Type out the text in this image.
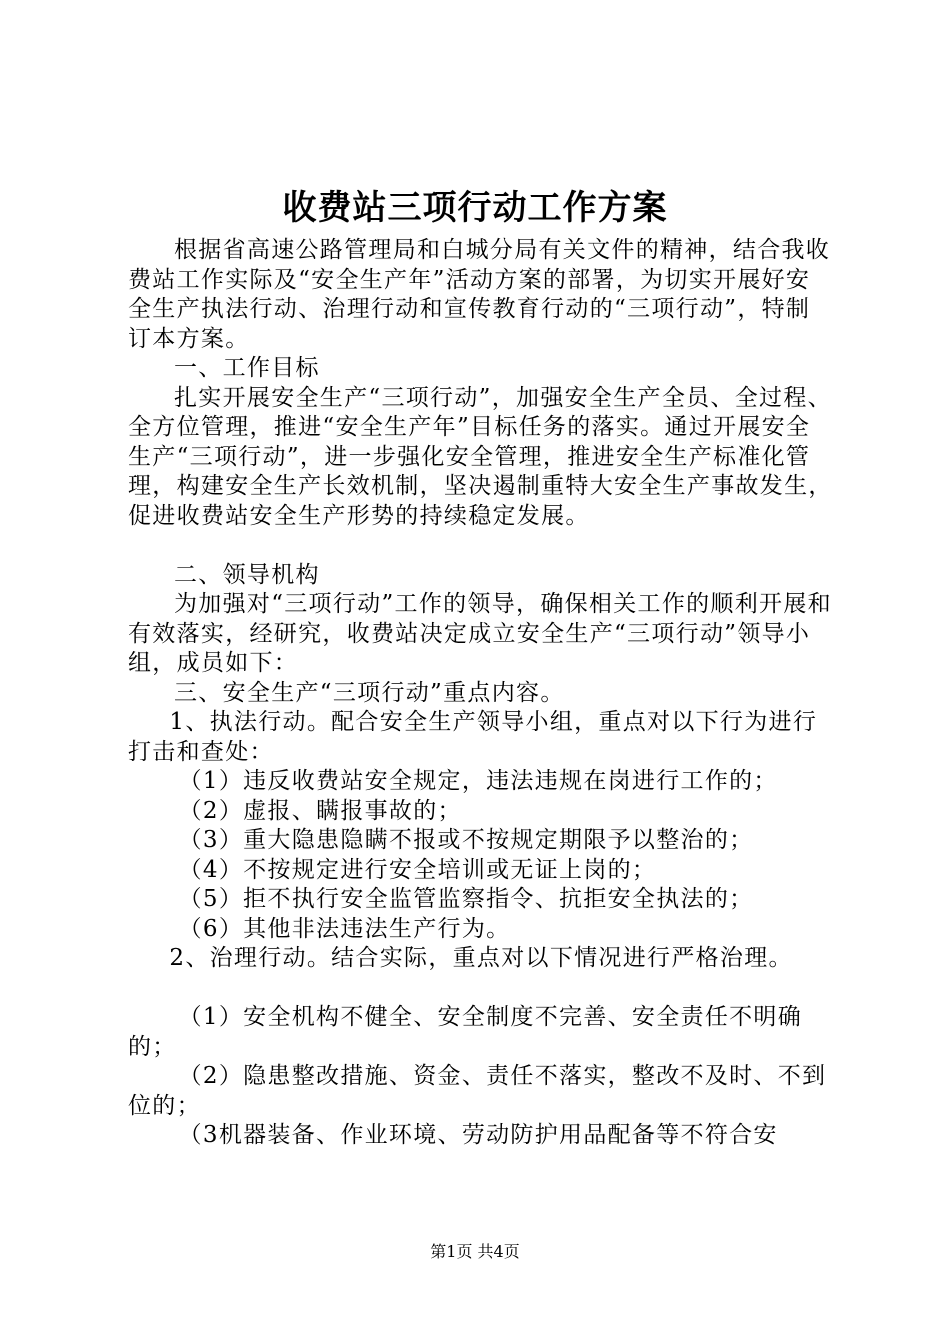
收费站三项行动工作方案

根据省高速公路管理局和白城分局有关文件的精神，结合我收费站工作实际及“安全生产年”活动方案的部署，为切实开展好安全生产执法行动、治理行动和宣传教育行动的“三项行动”，特制订本方案。

一、工作目标

扎实开展安全生产“三项行动”，加强安全生产全员、全过程、全方位管理，推进“安全生产年”目标任务的落实。通过开展安全生产“三项行动”，进一步强化安全管理，推进安全生产标准化管理，构建安全生产长效机制，坚决遏制重特大安全生产事故发生，促进收费站安全生产形势的持续稳定发展。

二、领导机构

为加强对“三项行动”工作的领导，确保相关工作的顺利开展和有效落实，经研究，收费站决定成立安全生产“三项行动”领导小组，成员如下：

三、安全生产“三项行动”重点内容。

1、执法行动。配合安全生产领导小组，重点对以下行为进行打击和查处：

（1）违反收费站安全规定，违法违规在岗进行工作的；

（2）虚报、瞒报事故的；

（3）重大隐患隐瞒不报或不按规定期限予以整治的；

（4）不按规定进行安全培训或无证上岗的；

（5）拒不执行安全监管监察指令、抗拒安全执法的；

（6）其他非法违法生产行为。

2、治理行动。结合实际，重点对以下情况进行严格治理。

（1）安全机构不健全、安全制度不完善、安全责任不明确的；

（2）隐患整改措施、资金、责任不落实，整改不及时、不到位的；

（3机器装备、作业环境、劳动防护用品配备等不符合安

第1页 共4页
